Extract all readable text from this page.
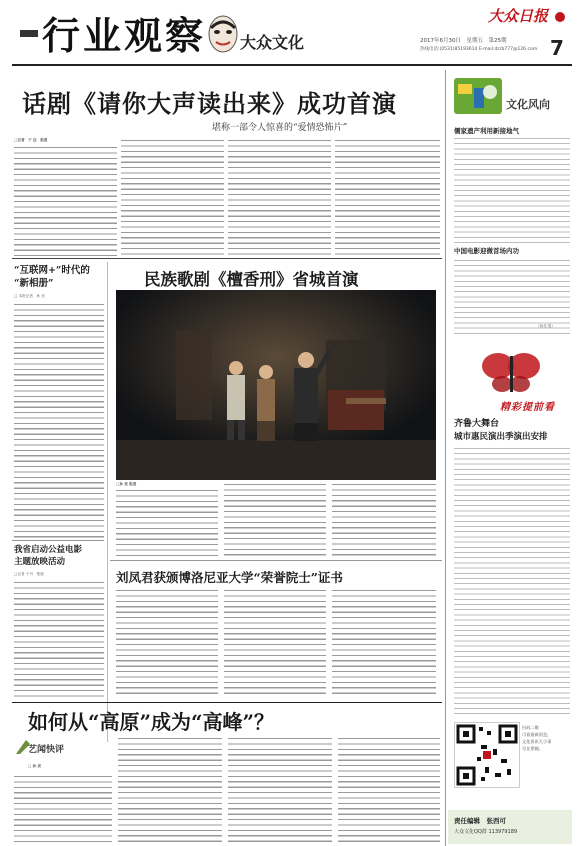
行业观察 大众文化
大众日报
2017年6月30日　星期五　第25期
热线电话:(0531)85193614 E-mail:dzrb777@126.com 7
话剧《请你大声读出来》成功首演
堪称一部令人惊喜的“爱情恐怖片”
□记者　于 远　报道
文化风向
儒家遗产利用新接地气
中国电影迎微首场内功
（孙亮 报）
“互联网+”时代的
“新相册”
□ 本报记者　孙 亮
民族歌剧《檀香刑》省城首演
□孙 亮 报道
精彩提前看
齐鲁大舞台
城市惠民演出季演出安排
我省启动公益电影
主题放映活动
□记者 于丹　报道	刘凤君获颁博洛尼亚大学“荣誉院士”证书
如何从“高原”成为“高峰”？
艺闻快评
□ 孙 亮
扫码二维
可看最新消息，
文化资讯大小事
尽在掌握。
责任编辑　张西可
大众文化QQ群 113979189
